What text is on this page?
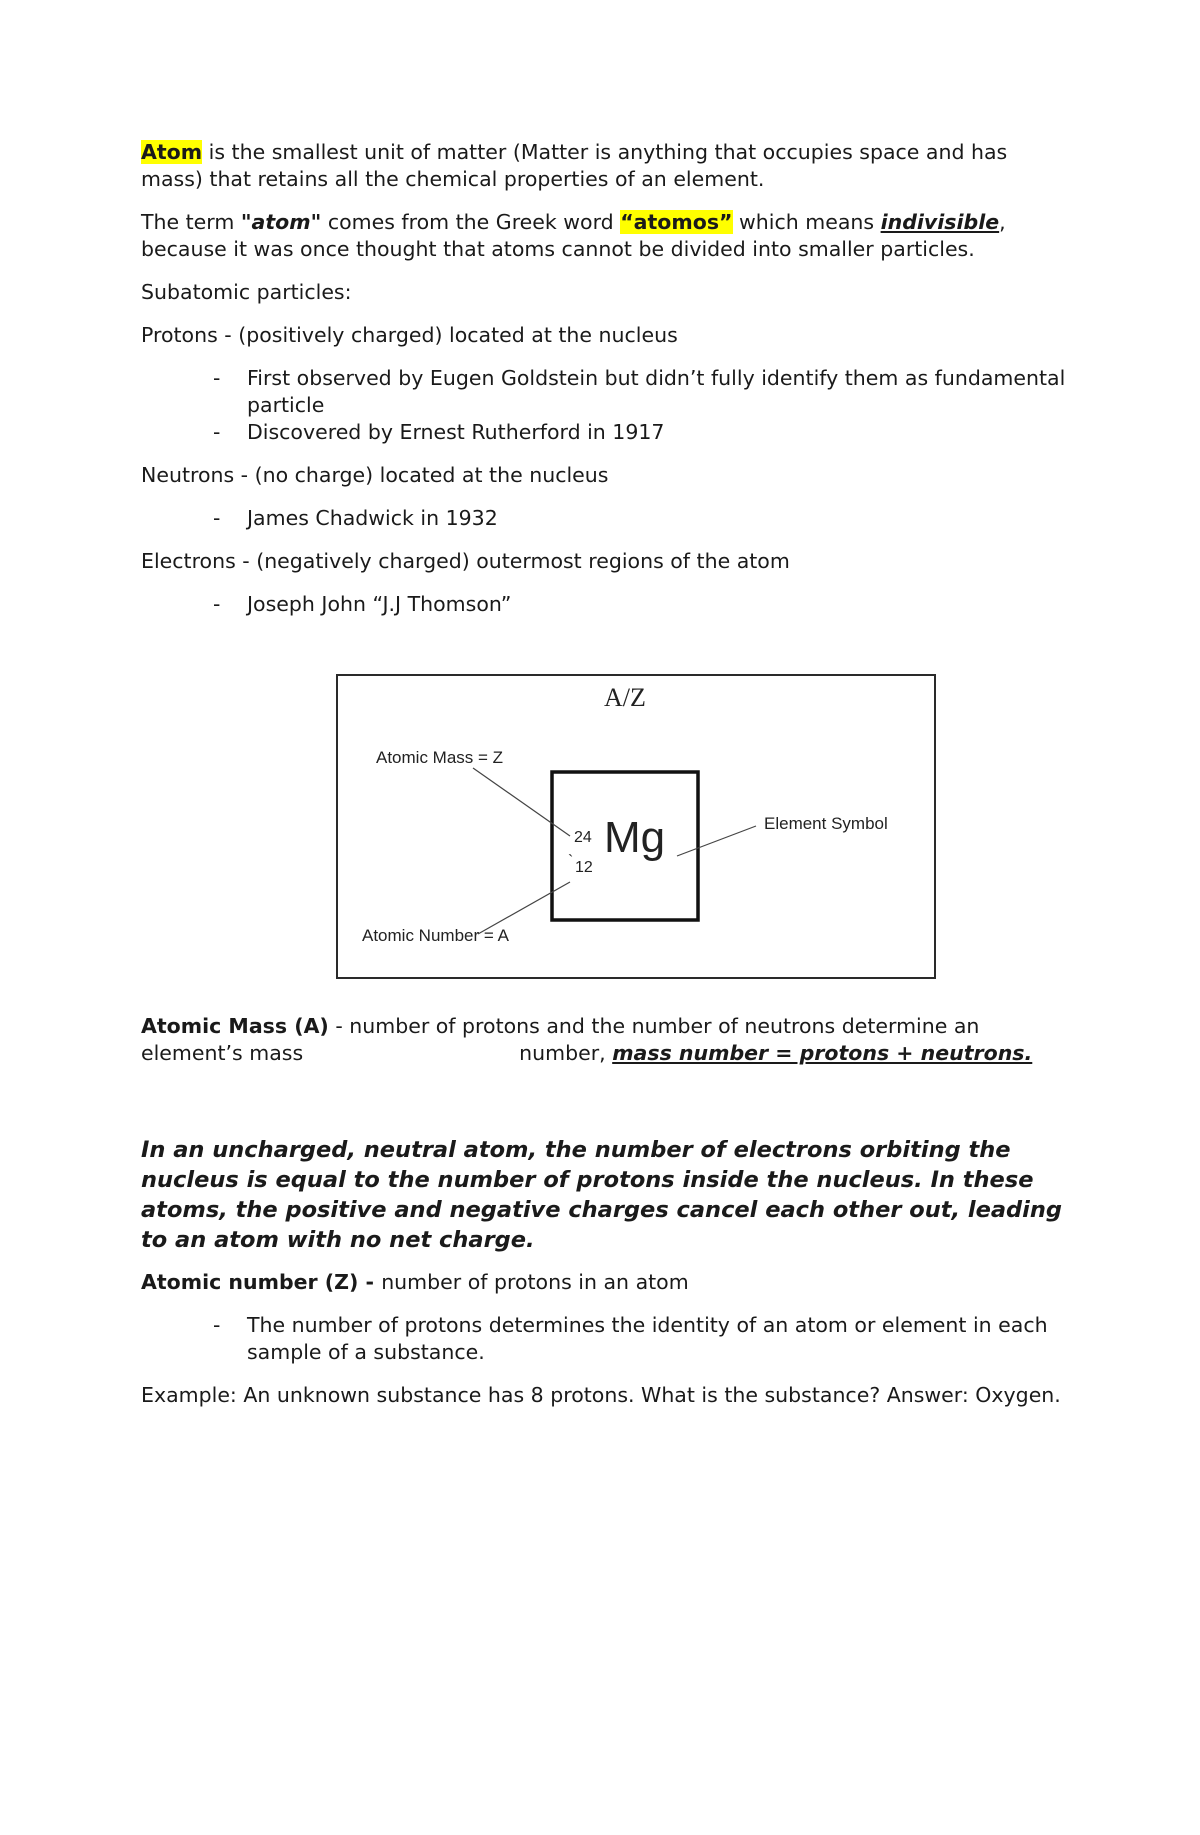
Atom is the smallest unit of matter (Matter is anything that occupies space and has mass) that retains all the chemical properties of an element.

The term "atom" comes from the Greek word “atomos” which means indivisible, because it was once thought that atoms cannot be divided into smaller particles.

Subatomic particles:

Protons - (positively charged) located at the nucleus

- First observed by Eugen Goldstein but didn’t fully identify them as fundamental particle
- Discovered by Ernest Rutherford in 1917

Neutrons - (no charge) located at the nucleus

- James Chadwick in 1932

Electrons - (negatively charged) outermost regions of the atom

- Joseph John “J.J Thomson”
A/Z
Atomic Mass = Z
Atomic Number = A
Element Symbol
24
` 12
Mg

Atomic Mass (A) - number of protons and the number of neutrons determine an element’s mass	number, mass number = protons + neutrons.

In an uncharged, neutral atom, the number of electrons orbiting the nucleus is equal to the number of protons inside the nucleus. In these atoms, the positive and negative charges cancel each other out, leading to an atom with no net charge.

Atomic number (Z) - number of protons in an atom

- The number of protons determines the identity of an atom or element in each sample of a substance.

Example: An unknown substance has 8 protons. What is the substance? Answer: Oxygen.
